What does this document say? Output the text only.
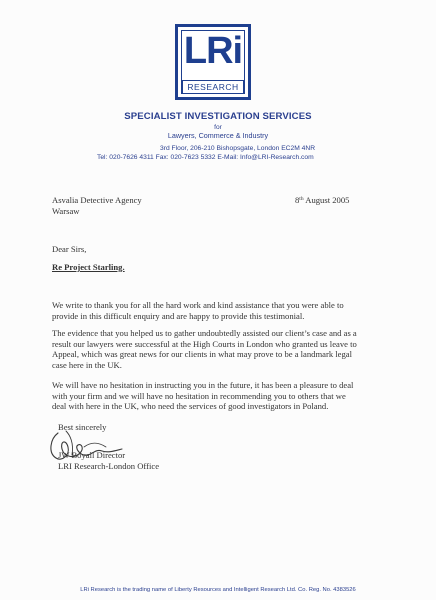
LRi
RESEARCH
SPECIALIST INVESTIGATION SERVICES
for
Lawyers, Commerce & Industry
3rd Floor, 206-210 Bishopsgate, London EC2M 4NR
Tel: 020-7626 4311 Fax: 020-7623 5332 E-Mail: Info@LRI-Research.com
Asvalia Detective Agency
Warsaw
8th August 2005
Dear Sirs,
Re Project Starling.
We write to thank you for all the hard work and kind assistance that you were able to
provide in this difficult enquiry and are happy to provide this testimonial.
The evidence that you helped us to gather undoubtedly assisted our client’s case and as a
result our lawyers were successful at the High Courts in London who granted us leave to
Appeal, which was great news for our clients in what may prove to be a landmark legal
case here in the UK.
We will have no hesitation in instructing you in the future, it has been a pleasure to deal
with your firm and we will have no hesitation in recommending you to others that we
deal with here in the UK, who need the services of good investigators in Poland.
Best sincerely
JW Boyall Director
LRI Research-London Office
LRi Research is the trading name of Liberty Resources and Intelligent Research Ltd. Co. Reg. No. 4383526
